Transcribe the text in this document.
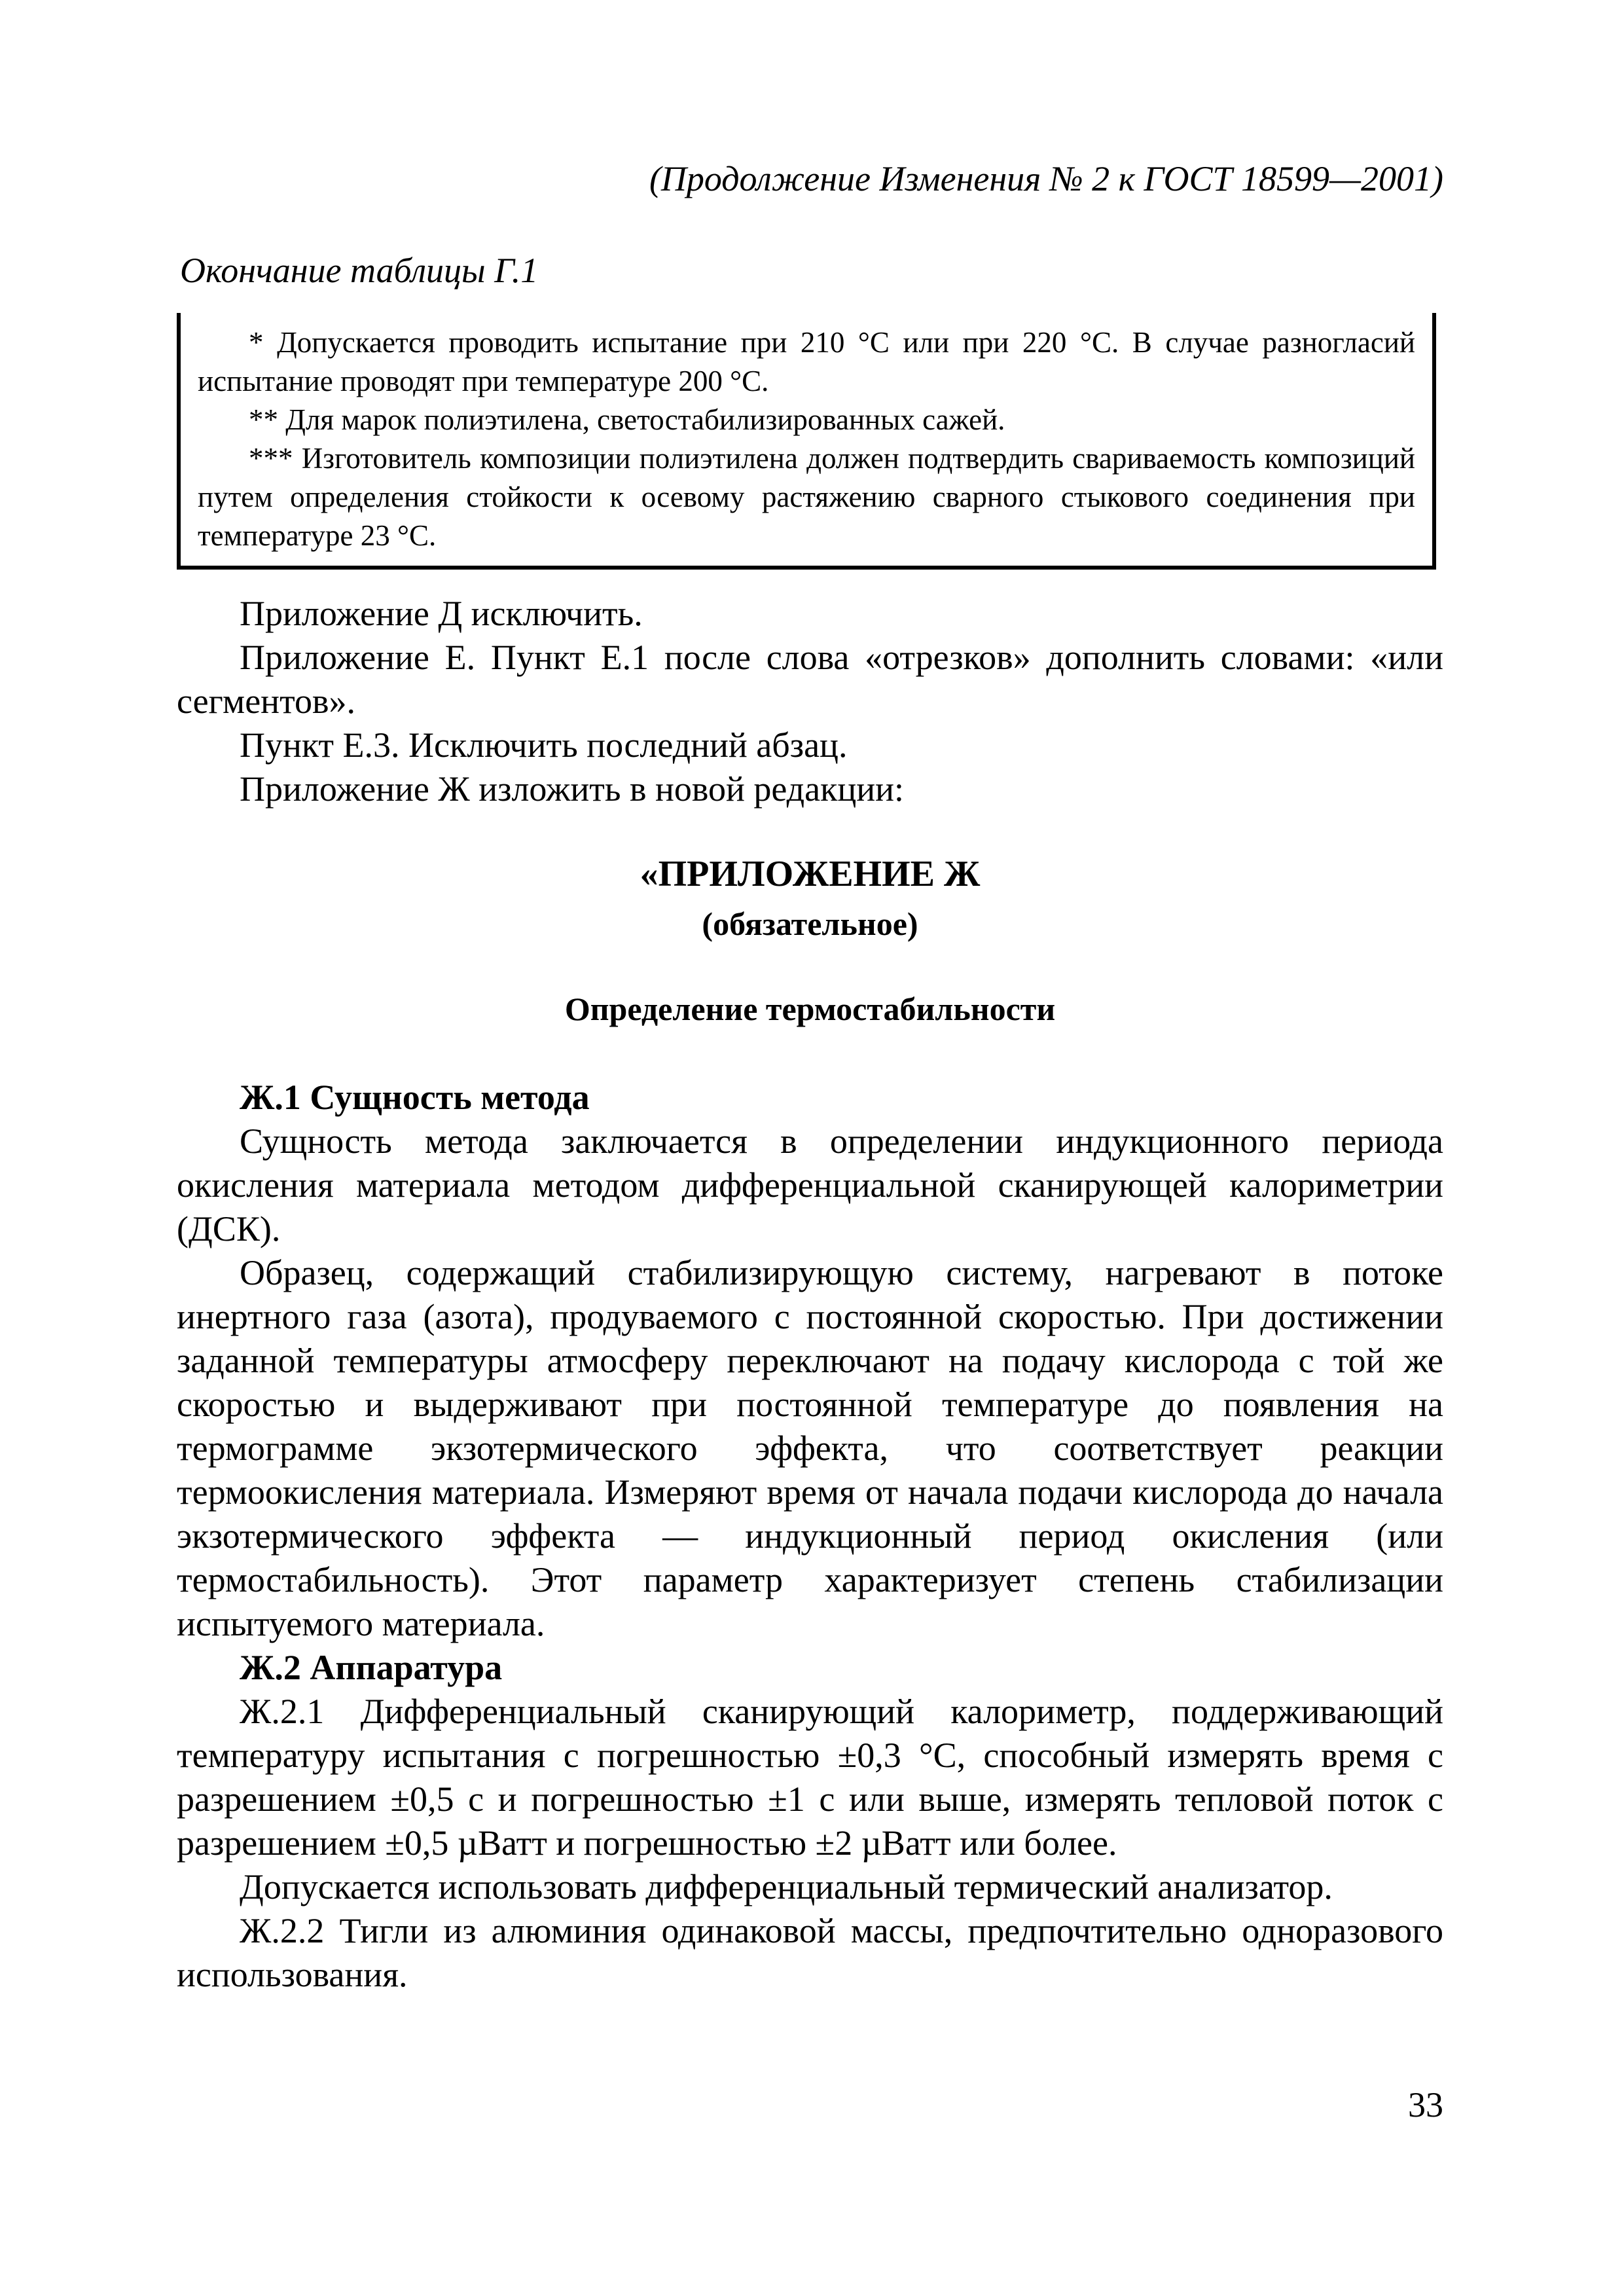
(Продолжение Изменения № 2 к ГОСТ 18599—2001)
Окончание таблицы Г.1

* Допускается проводить испытание при 210 °С или при 220 °С. В случае разногласий испытание проводят при температуре 200 °С.

** Для марок полиэтилена, светостабилизированных сажей.

*** Изготовитель композиции полиэтилена должен подтвердить свариваемость композиций путем определения стойкости к осевому растяжению сварного стыкового соединения при температуре 23 °С.

Приложение Д исключить.

Приложение Е. Пункт Е.1 после слова «отрезков» дополнить словами: «или сегментов».

Пункт Е.3. Исключить последний абзац.

Приложение Ж изложить в новой редакции:

«ПРИЛОЖЕНИЕ Ж
(обязательное)
Определение термостабильности

Ж.1 Сущность метода

Сущность метода заключается в определении индукционного периода окисления материала методом дифференциальной сканирующей калориметрии (ДСК).

Образец, содержащий стабилизирующую систему, нагревают в потоке инертного газа (азота), продуваемого с постоянной скоростью. При достижении заданной температуры атмосферу переключают на подачу кислорода с той же скоростью и выдерживают при постоянной температуре до появления на термограмме экзотермического эффекта, что соответствует реакции термоокисления материала. Измеряют время от начала подачи кислорода до начала экзотермического эффекта — индукционный период окисления (или термостабильность). Этот параметр характеризует степень стабилизации испытуемого материала.

Ж.2 Аппаратура

Ж.2.1 Дифференциальный сканирующий калориметр, поддерживающий температуру испытания с погрешностью ±0,3 °С, способный измерять время с разрешением ±0,5 с и погрешностью ±1 с или выше, измерять тепловой поток с разрешением ±0,5 µВатт и погрешностью ±2 µВатт или более.

Допускается использовать дифференциальный термический анализатор.

Ж.2.2 Тигли из алюминия одинаковой массы, предпочтительно одноразового использования.

33
